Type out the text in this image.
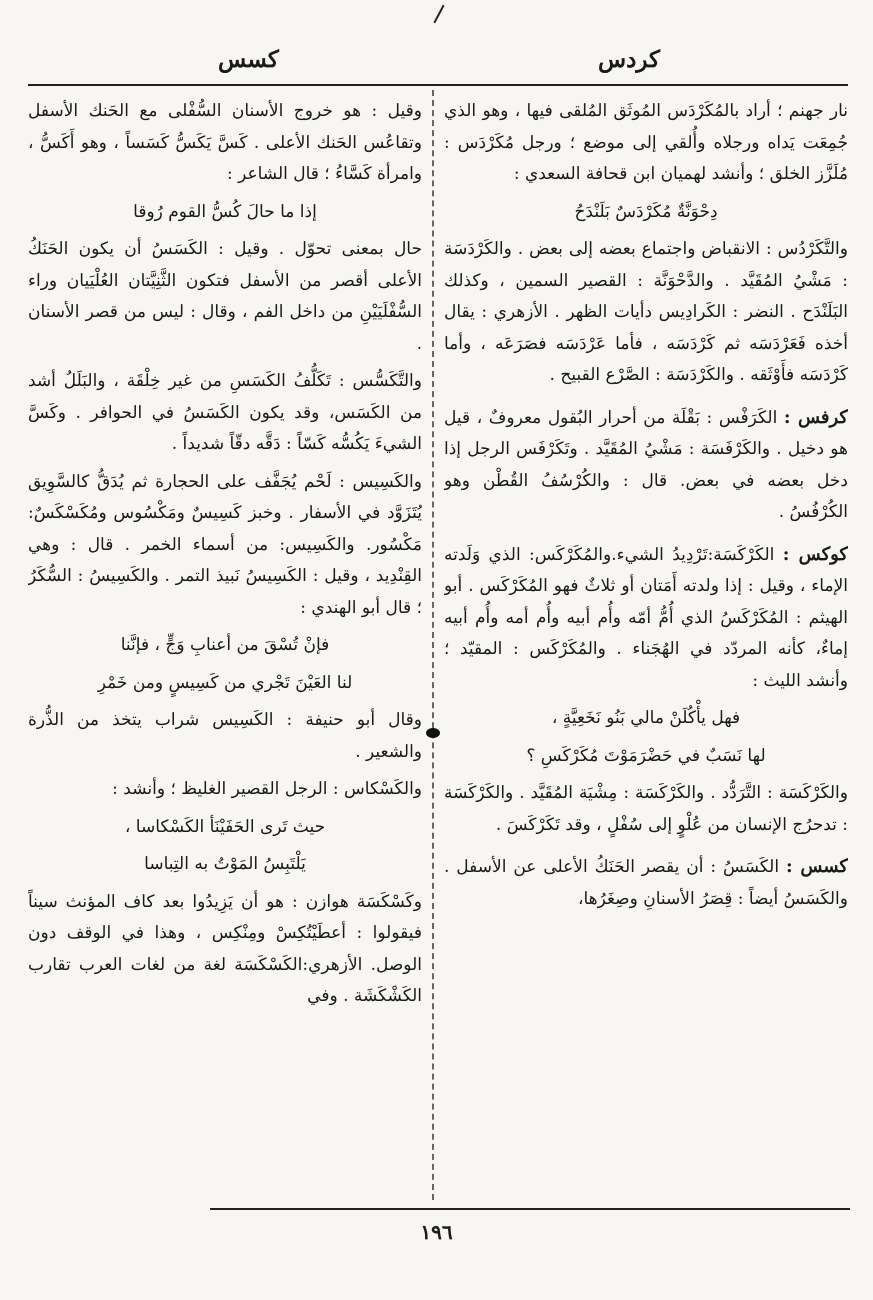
كردس
كسس

نار جهنم ؛ أراد بالمُكَرْدَس المُوثَق المُلقى فيها ، وهو الذي جُمِعَت يَداه ورجلاه وأُلقي إلى موضع ؛ ورجل مُكَرْدَس : مُلَزَّز الخلق ؛ وأنشد لهميان ابن قحافة السعدي :

دِحْوَنَّةٌ مُكَرْدَسٌ بَلَنْدَحُ

والتَّكَرْدُس : الانقباض واجتماع بعضه إلى بعض . والكَرْدَسَة : مَشْيُ المُقَيَّد . والدَّحْوَنَّة : القصير السمين ، وكذلك البَلَنْدَح . النضر : الكَرادِيس دأيات الظهر . الأزهري : يقال أخذه فَعَرْدَسَه ثم كَرْدَسَه ، فأما عَرْدَسَه فصَرَعَه ، وأما كَرْدَسَه فأَوْثَقه . والكَرْدَسَة : الصَّرْع القبيح .

كرفس : الكَرَفْس : بَقْلَة من أحرار البُقول معروفٌ ، قيل هو دخيل . والكَرْفَسَة : مَشْيُ المُقَيَّد . وتَكَرْفَس الرجل إذا دخل بعضه في بعض. قال : والكُرْسُفُ القُطْن وهو الكُرْفُسُ .

كوكس : الكَرْكَسَة:تَرْدِيدُ الشيء.والمُكَرْكَس: الذي وَلَدته الإماء ، وقيل : إذا ولدته أَمَتان أو ثلاثٌ فهو المُكَرْكَس . أبو الهيثم : المُكَرْكَسُ الذي أُمُّ أمّه وأُم أبيه وأُم أمه وأُم أبيه إماءٌ، كأنه المردّد في الهُجَناء . والمُكَرْكَس : المقيّد ؛ وأنشد الليث :

فهل يأْكُلَنْ مالي بَنُو نَخَعِيَّةٍ ،

لها نَسَبٌ في حَضْرَمَوْتَ مُكَرْكَسِ ؟

والكَرْكَسَة : التَّرَدُّد . والكَرْكَسَة : مِشْيَة المُقَيَّد . والكَرْكَسَة : تدحرُج الإنسان من عُلْوٍ إلى سُفْلٍ ، وقد تَكَرْكَسَ .

كسس : الكَسَسُ : أن يقصر الحَنَكُ الأعلى عن الأسفل . والكَسَسُ أيضاً : قِصَرُ الأسنانِ وصِغَرُها،

وقيل : هو خروج الأسنان السُّفْلى مع الحَنك الأسفل وتقاعُس الحَنك الأعلى . كَسَّ يَكَسُّ كَسَساً ، وهو أَكَسُّ ، وامرأة كَسَّاءُ ؛ قال الشاعر :

إذا ما حالَ كُسُّ القوم رُوقا

حال بمعنى تحوّل . وقيل : الكَسَسُ أن يكون الحَنَكُ الأعلى أقصر من الأسفل فتكون الثَّنِيَّتان العُلْيَيان وراء السُّفْلَيَيْنِ من داخل الفم ، وقال : ليس من قصر الأسنان .

والتَّكَسُّس : تَكَلُّفُ الكَسَسِ من غير خِلْقَة ، والبَلَلُ أشد من الكَسَس، وقد يكون الكَسَسُ في الحوافر . وكَسَّ الشيءَ يَكُسُّه كَسّاً : دَقَّه دقّاً شديداً .

والكَسِيس : لَحْم يُجَفَّف على الحجارة ثم يُدَقُّ كالسَّوِيق يُتَزَوَّد في الأسفار . وخبز كَسِيسٌ ومَكْسُوس ومُكَسْكَسٌ: مَكْسُور. والكَسِيس: من أسماء الخمر . قال : وهي القِنْدِيد ، وقيل : الكَسِيسُ نَبيذ التمر . والكَسِيسُ : السُّكَرُ ؛ قال أبو الهندي :

فإنْ تُسْقَ من أعنابِ وَجٍّ ، فإنَّنا

لنا العَيْنَ تَجْري من كَسِيسٍ ومن خَمْرِ

وقال أبو حنيفة : الكَسِيس شراب يتخذ من الذُّرة والشعير .

والكَسْكاس : الرجل القصير الغليظ ؛ وأنشد :

حيث تَرى الحَفَيْنَأ الكَسْكاسا ،

يَلْتَبِسُ المَوْتُ به التِباسا

وكَسْكَسَة هوازن : هو أن يَزِيدُوا بعد كاف المؤنث سيناً فيقولوا : أعطَيْتُكِسْ ومِنْكِس ، وهذا في الوقف دون الوصل. الأزهري:الكَسْكَسَة لغة من لغات العرب تقارب الكَشْكَشَة . وفي

١٩٦
